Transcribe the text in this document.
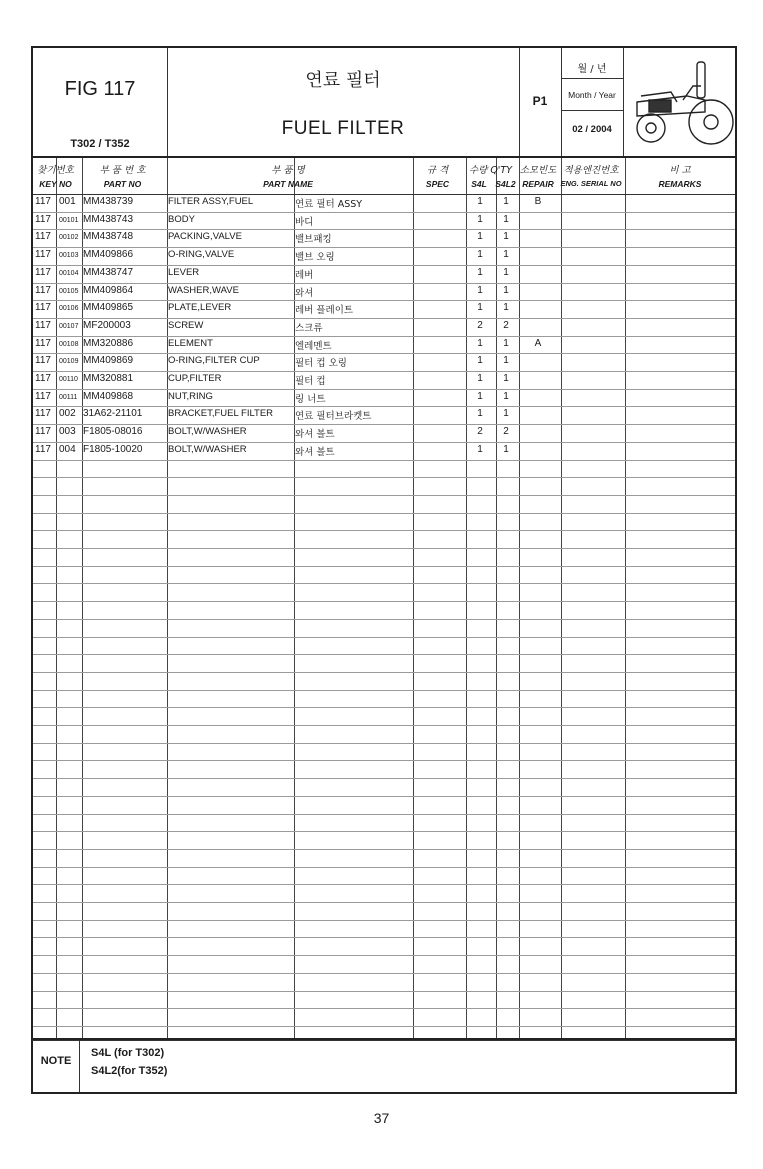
FIG 117
T302 / T352
연료 필터
FUEL FILTER
P1
월 / 년
Month / Year
02 / 2004
찾기번호
KEY NO
부 품 번 호
PART NO
부 품 명
PART NAME
규 격
SPEC
수량 Q'TY
S4L	S4L2
소모빈도
REPAIR
적용엔진번호
ENG. SERIAL NO
비 고
REMARKS
117 001 MM438739	FILTER ASSY,FUEL	연료 필터 ASSY	1	1	B
117 00101 MM438743	BODY	바디	1	1
117 00102 MM438748	PACKING,VALVE	밸브패킹	1	1
117 00103 MM409866	O-RING,VALVE	밸브 오링	1	1
117 00104 MM438747	LEVER	레버	1	1
117 00105 MM409864	WASHER,WAVE	와셔	1	1
117 00106 MM409865	PLATE,LEVER	레버 플레이트	1	1
117 00107 MF200003	SCREW	스크류	2	2
117 00108 MM320886	ELEMENT	엘레멘트	1	1	A
117 00109 MM409869	O-RING,FILTER CUP	필터 컵 오링	1	1
117 00110 MM320881	CUP,FILTER	필터 컵	1	1
117 00111 MM409868	NUT,RING	링 너트	1	1
117 002 31A62-21101	BRACKET,FUEL FILTER 연료 필터브라켓트	1	1
117 003 F1805-08016	BOLT,W/WASHER	와셔 볼트	2	2
117 004 F1805-10020	BOLT,W/WASHER	와셔 볼트	1	1
NOTE
S4L (for T302)
S4L2(for T352)
37
